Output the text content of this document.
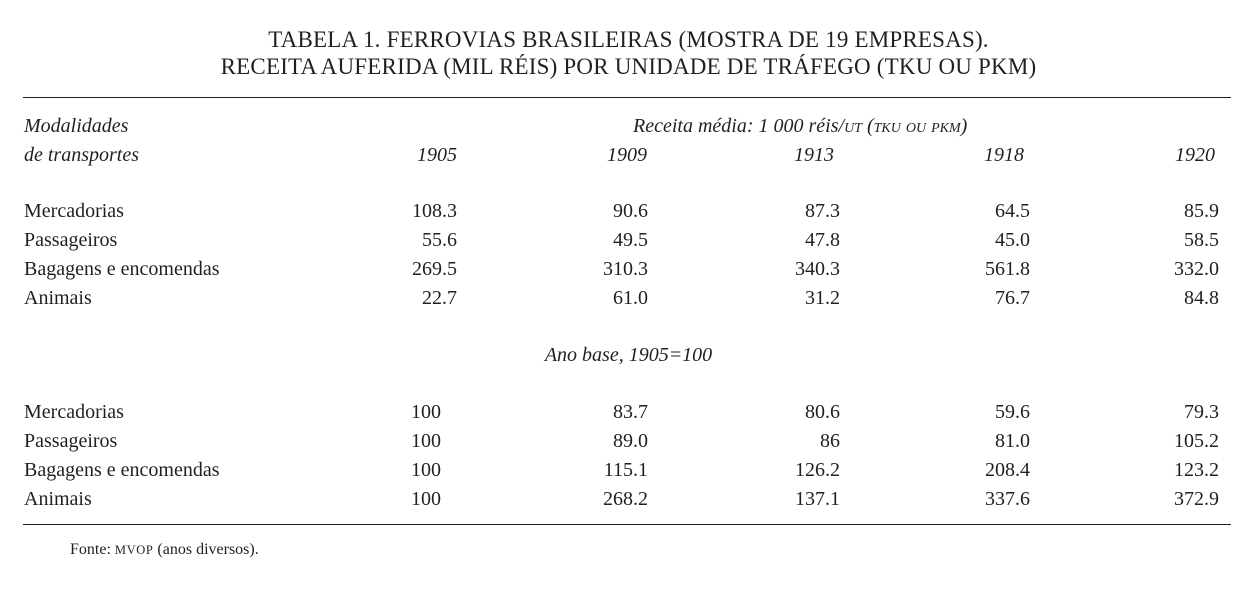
TABELA 1. FERROVIAS BRASILEIRAS (MOSTRA DE 19 EMPRESAS).
RECEITA AUFERIDA (MIL RÉIS) POR UNIDADE DE TRÁFEGO (TKU OU PKM)
Modalidades
de transportes
Receita média: 1 000 réis/ut (tku ou pkm)
1905	1909	1913	1918	1920
Mercadorias	108.3	90.6	87.3	64.5	85.9
Passageiros	55.6	49.5	47.8	45.0	58.5
Bagagens e encomendas	269.5	310.3	340.3	561.8	332.0
Animais	22.7	61.0	31.2	76.7	84.8
Ano base, 1905=100
Mercadorias	100	83.7	80.6	59.6	79.3
Passageiros	100	89.0	86	81.0	105.2
Bagagens e encomendas	100	115.1	126.2	208.4	123.2
Animais	100	268.2	137.1	337.6	372.9
Fonte: MVOP (anos diversos).
